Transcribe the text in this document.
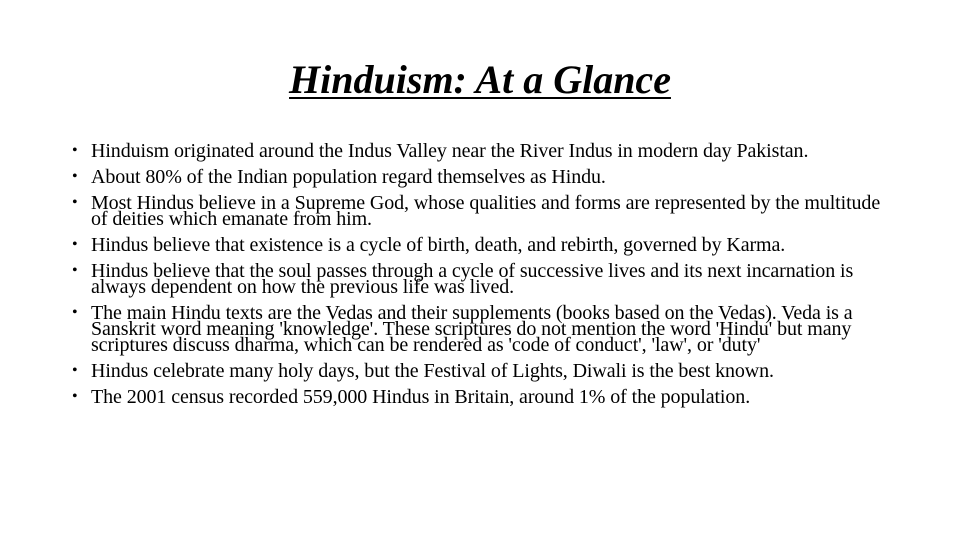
Hinduism: At a Glance
• Hinduism originated around the Indus Valley near the River Indus in modern day Pakistan.
• About 80% of the Indian population regard themselves as Hindu.
• Most Hindus believe in a Supreme God, whose qualities and forms are represented by the multitude of deities which emanate from him.
• Hindus believe that existence is a cycle of birth, death, and rebirth, governed by Karma.
• Hindus believe that the soul passes through a cycle of successive lives and its next incarnation is always dependent on how the previous life was lived.
• The main Hindu texts are the Vedas and their supplements (books based on the Vedas). Veda is a Sanskrit word meaning 'knowledge'. These scriptures do not mention the word 'Hindu' but many scriptures discuss dharma, which can be rendered as 'code of conduct', 'law', or 'duty'
• Hindus celebrate many holy days, but the Festival of Lights, Diwali is the best known.
• The 2001 census recorded 559,000 Hindus in Britain, around 1% of the population.
